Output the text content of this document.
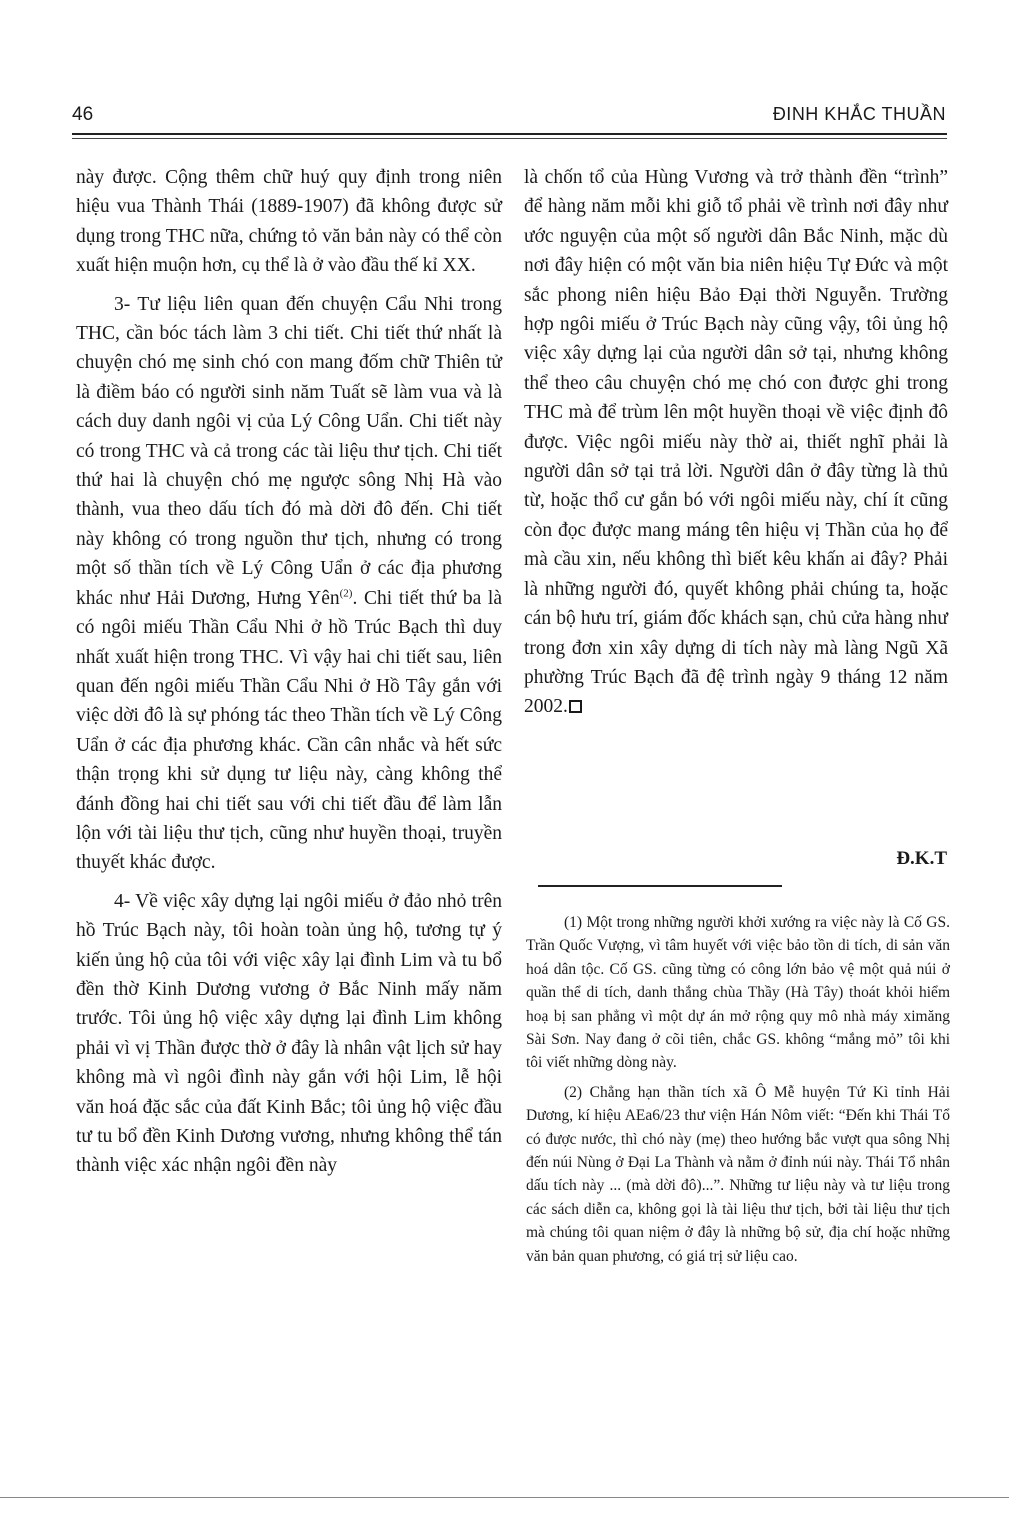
46	ĐINH KHẮC THUẦN

này được. Cộng thêm chữ huý quy định trong niên hiệu vua Thành Thái (1889-1907) đã không được sử dụng trong THC nữa, chứng tỏ văn bản này có thể còn xuất hiện muộn hơn, cụ thể là ở vào đầu thế kỉ XX.

3- Tư liệu liên quan đến chuyện Cẩu Nhi trong THC, cần bóc tách làm 3 chi tiết. Chi tiết thứ nhất là chuyện chó mẹ sinh chó con mang đốm chữ Thiên tử là điềm báo có người sinh năm Tuất sẽ làm vua và là cách duy danh ngôi vị của Lý Công Uẩn. Chi tiết này có trong THC và cả trong các tài liệu thư tịch. Chi tiết thứ hai là chuyện chó mẹ ngược sông Nhị Hà vào thành, vua theo dấu tích đó mà dời đô đến. Chi tiết này không có trong nguồn thư tịch, nhưng có trong một số thần tích về Lý Công Uẩn ở các địa phương khác như Hải Dương, Hưng Yên$^{(2)}$. Chi tiết thứ ba là có ngôi miếu Thần Cẩu Nhi ở hồ Trúc Bạch thì duy nhất xuất hiện trong THC. Vì vậy hai chi tiết sau, liên quan đến ngôi miếu Thần Cẩu Nhi ở Hồ Tây gắn với việc dời đô là sự phóng tác theo Thần tích về Lý Công Uẩn ở các địa phương khác. Cần cân nhắc và hết sức thận trọng khi sử dụng tư liệu này, càng không thể đánh đồng hai chi tiết sau với chi tiết đầu để làm lẫn lộn với tài liệu thư tịch, cũng như huyền thoại, truyền thuyết khác được.

4- Về việc xây dựng lại ngôi miếu ở đảo nhỏ trên hồ Trúc Bạch này, tôi hoàn toàn ủng hộ, tương tự ý kiến ủng hộ của tôi với việc xây lại đình Lim và tu bổ đền thờ Kinh Dương vương ở Bắc Ninh mấy năm trước. Tôi ủng hộ việc xây dựng lại đình Lim không phải vì vị Thần được thờ ở đây là nhân vật lịch sử hay không mà vì ngôi đình này gắn với hội Lim, lễ hội văn hoá đặc sắc của đất Kinh Bắc; tôi ủng hộ việc đầu tư tu bổ đền Kinh Dương vương, nhưng không thể tán thành việc xác nhận ngôi đền này

là chốn tổ của Hùng Vương và trở thành đền “trình” để hàng năm mỗi khi giỗ tổ phải về trình nơi đây như ước nguyện của một số người dân Bắc Ninh, mặc dù nơi đây hiện có một văn bia niên hiệu Tự Đức và một sắc phong niên hiệu Bảo Đại thời Nguyễn. Trường hợp ngôi miếu ở Trúc Bạch này cũng vậy, tôi ủng hộ việc xây dựng lại của người dân sở tại, nhưng không thể theo câu chuyện chó mẹ chó con được ghi trong THC mà để trùm lên một huyền thoại về việc định đô được. Việc ngôi miếu này thờ ai, thiết nghĩ phải là người dân sở tại trả lời. Người dân ở đây từng là thủ từ, hoặc thổ cư gắn bó với ngôi miếu này, chí ít cũng còn đọc được mang máng tên hiệu vị Thần của họ để mà cầu xin, nếu không thì biết kêu khấn ai đây? Phải là những người đó, quyết không phải chúng ta, hoặc cán bộ hưu trí, giám đốc khách sạn, chủ cửa hàng như trong đơn xin xây dựng di tích này mà làng Ngũ Xã phường Trúc Bạch đã đệ trình ngày 9 tháng 12 năm 2002.

Đ.K.T

(1) Một trong những người khởi xướng ra việc này là Cố GS. Trần Quốc Vượng, vì tâm huyết với việc bảo tồn di tích, di sản văn hoá dân tộc. Cố GS. cũng từng có công lớn bảo vệ một quả núi ở quần thể di tích, danh thắng chùa Thầy (Hà Tây) thoát khỏi hiểm hoạ bị san phẳng vì một dự án mở rộng quy mô nhà máy ximăng Sài Sơn. Nay đang ở cõi tiên, chắc GS. không “mắng mỏ” tôi khi tôi viết những dòng này.

(2) Chẳng hạn thần tích xã Ô Mễ huyện Tứ Kì tỉnh Hải Dương, kí hiệu AEa6/23 thư viện Hán Nôm viết: “Đến khi Thái Tổ có được nước, thì chó này (mẹ) theo hướng bắc vượt qua sông Nhị đến núi Nùng ở Đại La Thành và nằm ở đỉnh núi này. Thái Tổ nhân dấu tích này ... (mà dời đô)...”. Những tư liệu này và tư liệu trong các sách diễn ca, không gọi là tài liệu thư tịch, bởi tài liệu thư tịch mà chúng tôi quan niệm ở đây là những bộ sử, địa chí hoặc những văn bản quan phương, có giá trị sử liệu cao.
